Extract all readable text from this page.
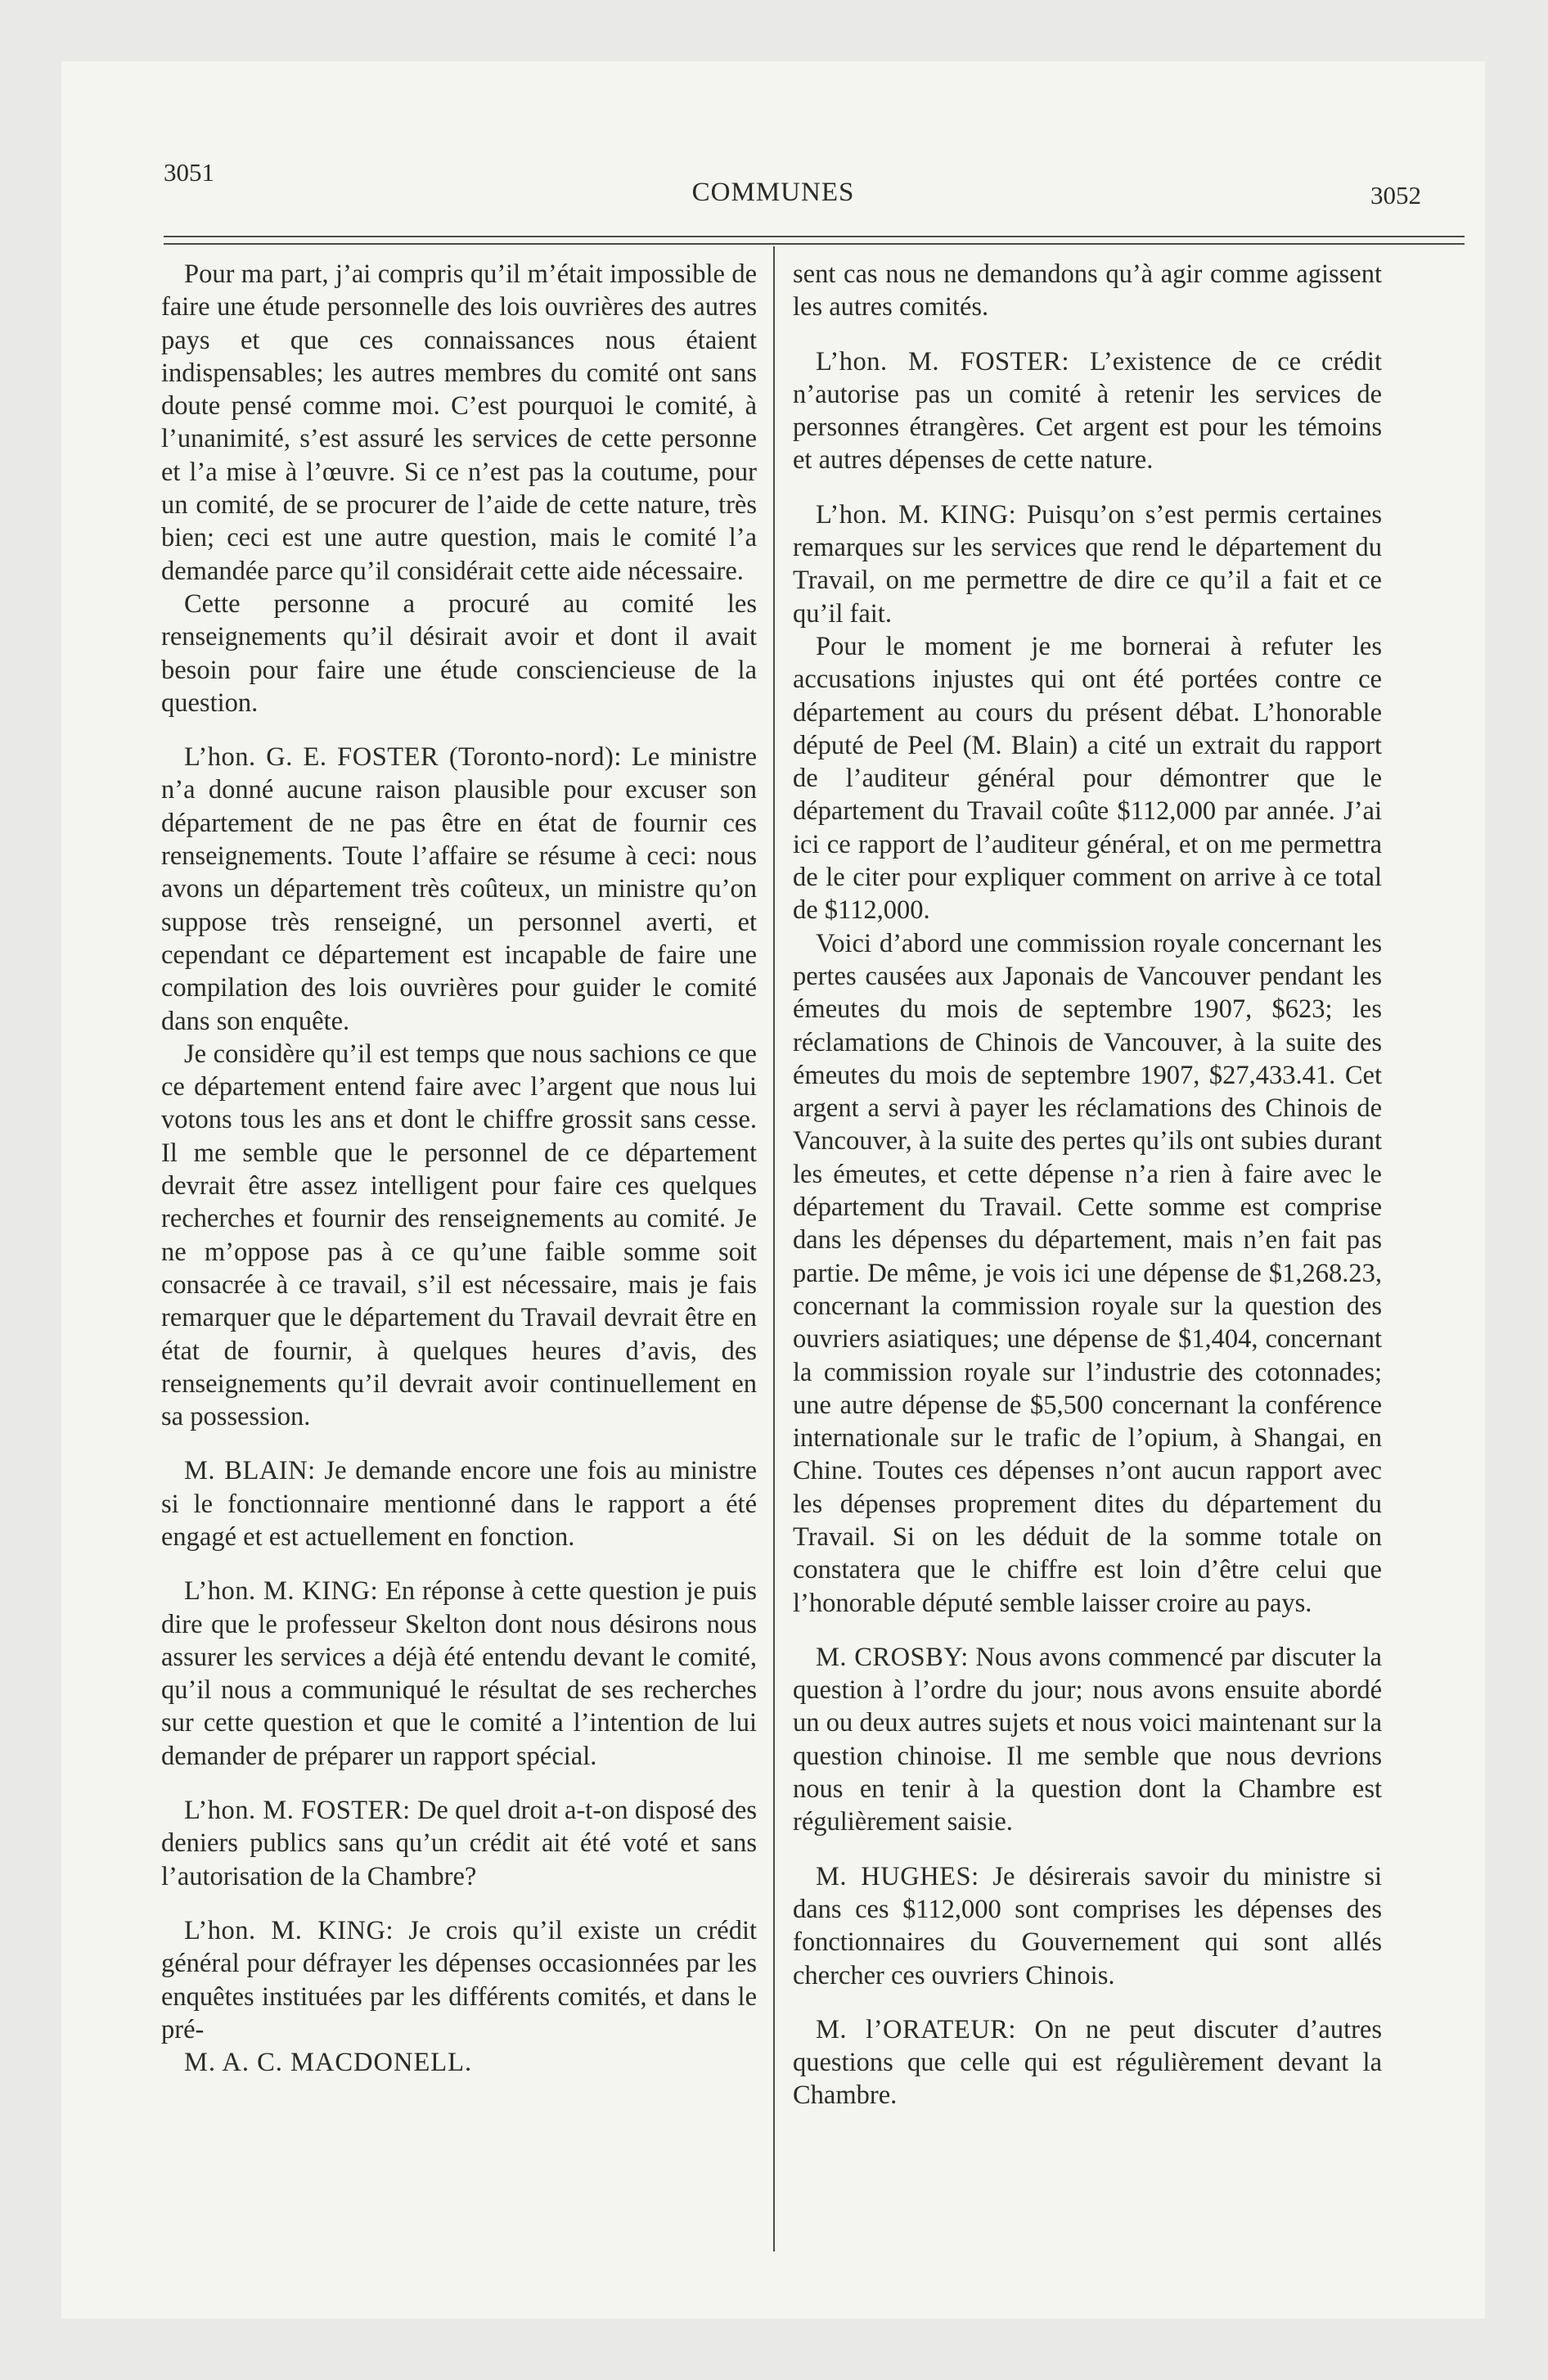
3051
COMMUNES	3052

Pour ma part, j’ai compris qu’il m’était impossible de faire une étude personnelle des lois ouvrières des autres pays et que ces connaissances nous étaient indispensables; les autres membres du comité ont sans doute pensé comme moi. C’est pourquoi le comité, à l’unanimité, s’est assuré les services de cette personne et l’a mise à l’œuvre. Si ce n’est pas la coutume, pour un comité, de se procurer de l’aide de cette nature, très bien; ceci est une autre question, mais le comité l’a demandée parce qu’il considérait cette aide nécessaire.

Cette personne a procuré au comité les renseignements qu’il désirait avoir et dont il avait besoin pour faire une étude consciencieuse de la question.

L’hon. G. E. FOSTER (Toronto-nord): Le ministre n’a donné aucune raison plausible pour excuser son département de ne pas être en état de fournir ces renseignements. Toute l’affaire se résume à ceci: nous avons un département très coûteux, un ministre qu’on suppose très renseigné, un personnel averti, et cependant ce département est incapable de faire une compilation des lois ouvrières pour guider le comité dans son enquête.

Je considère qu’il est temps que nous sachions ce que ce département entend faire avec l’argent que nous lui votons tous les ans et dont le chiffre grossit sans cesse. Il me semble que le personnel de ce département devrait être assez intelligent pour faire ces quelques recherches et fournir des renseignements au comité. Je ne m’oppose pas à ce qu’une faible somme soit consacrée à ce travail, s’il est nécessaire, mais je fais remarquer que le département du Travail devrait être en état de fournir, à quelques heures d’avis, des renseignements qu’il devrait avoir continuellement en sa possession.

M. BLAIN: Je demande encore une fois au ministre si le fonctionnaire mentionné dans le rapport a été engagé et est actuellement en fonction.

L’hon. M. KING: En réponse à cette question je puis dire que le professeur Skelton dont nous désirons nous assurer les services a déjà été entendu devant le comité, qu’il nous a communiqué le résultat de ses recherches sur cette question et que le comité a l’intention de lui demander de préparer un rapport spécial.

L’hon. M. FOSTER: De quel droit a-t-on disposé des deniers publics sans qu’un crédit ait été voté et sans l’autorisation de la Chambre?

L’hon. M. KING: Je crois qu’il existe un crédit général pour défrayer les dépenses occasionnées par les enquêtes instituées par les différents comités, et dans le pré-

M. A. C. MACDONELL.

sent cas nous ne demandons qu’à agir comme agissent les autres comités.

L’hon. M. FOSTER: L’existence de ce crédit n’autorise pas un comité à retenir les services de personnes étrangères. Cet argent est pour les témoins et autres dépenses de cette nature.

L’hon. M. KING: Puisqu’on s’est permis certaines remarques sur les services que rend le département du Travail, on me permettre de dire ce qu’il a fait et ce qu’il fait.

Pour le moment je me bornerai à refuter les accusations injustes qui ont été portées contre ce département au cours du présent débat. L’honorable député de Peel (M. Blain) a cité un extrait du rapport de l’auditeur général pour démontrer que le département du Travail coûte $112,000 par année. J’ai ici ce rapport de l’auditeur général, et on me permettra de le citer pour expliquer comment on arrive à ce total de $112,000.

Voici d’abord une commission royale concernant les pertes causées aux Japonais de Vancouver pendant les émeutes du mois de septembre 1907, $623; les réclamations de Chinois de Vancouver, à la suite des émeutes du mois de septembre 1907, $27,433.41. Cet argent a servi à payer les réclamations des Chinois de Vancouver, à la suite des pertes qu’ils ont subies durant les émeutes, et cette dépense n’a rien à faire avec le département du Travail. Cette somme est comprise dans les dépenses du département, mais n’en fait pas partie. De même, je vois ici une dépense de $1,268.23, concernant la commission royale sur la question des ouvriers asiatiques; une dépense de $1,404, concernant la commission royale sur l’industrie des cotonnades; une autre dépense de $5,500 concernant la conférence internationale sur le trafic de l’opium, à Shangai, en Chine. Toutes ces dépenses n’ont aucun rapport avec les dépenses proprement dites du département du Travail. Si on les déduit de la somme totale on constatera que le chiffre est loin d’être celui que l’honorable député semble laisser croire au pays.

M. CROSBY: Nous avons commencé par discuter la question à l’ordre du jour; nous avons ensuite abordé un ou deux autres sujets et nous voici maintenant sur la question chinoise. Il me semble que nous devrions nous en tenir à la question dont la Chambre est régulièrement saisie.

M. HUGHES: Je désirerais savoir du ministre si dans ces $112,000 sont comprises les dépenses des fonctionnaires du Gouvernement qui sont allés chercher ces ouvriers Chinois.

M. l’ORATEUR: On ne peut discuter d’autres questions que celle qui est régulièrement devant la Chambre.
